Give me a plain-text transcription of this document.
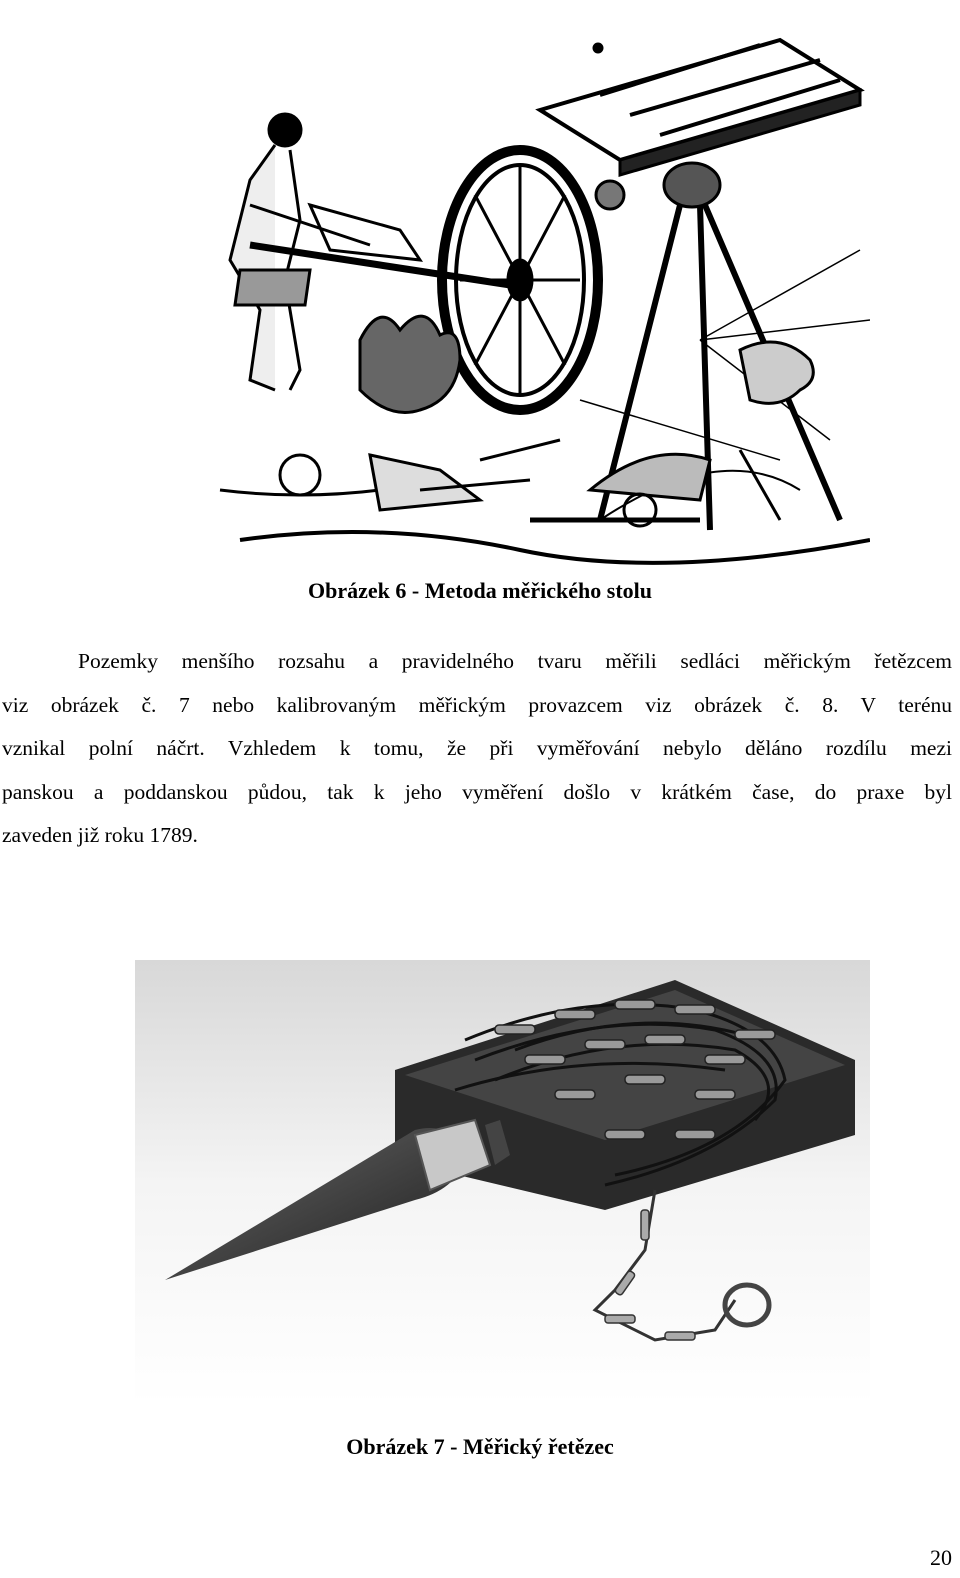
Obrázek 6 - Metoda měřického stolu
Pozemky menšího rozsahu a pravidelného tvaru měřili sedláci měřickým řetězcem
viz obrázek č. 7 nebo kalibrovaným měřickým provazcem viz obrázek č. 8. V terénu
vznikal polní náčrt. Vzhledem k tomu, že při vyměřování nebylo děláno rozdílu mezi
panskou a poddanskou půdou, tak k jeho vyměření došlo v krátkém čase, do praxe byl
zaveden již roku 1789.
Obrázek 7 - Měřický řetězec
20
